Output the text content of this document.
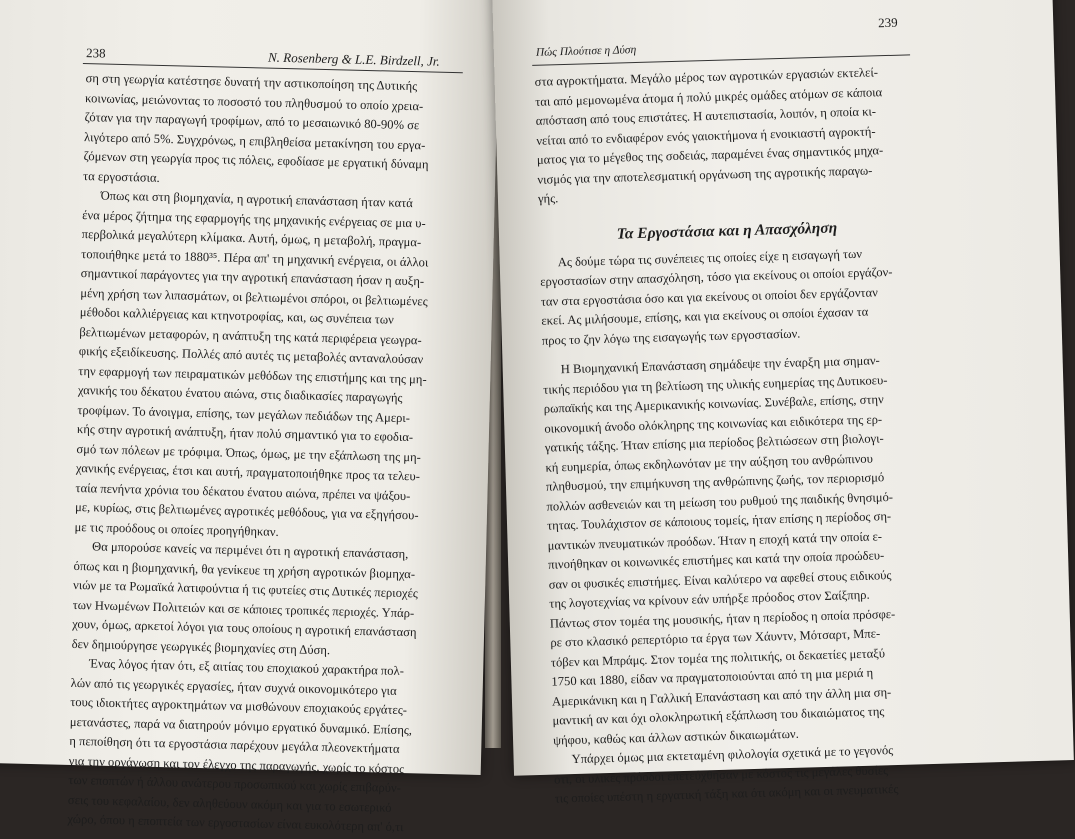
238	N. Rosenberg & L.E. Birdzell, Jr.
ση στη γεωργία κατέστησε δυνατή την αστικοποίηση της Δυτικής
κοινωνίας, μειώνοντας το ποσοστό του πληθυσμού το οποίο χρεια-
ζόταν για την παραγωγή τροφίμων, από το μεσαιωνικό 80-90% σε
λιγότερο από 5%. Συγχρόνως, η επιβληθείσα μετακίνηση του εργα-
ζόμενων στη γεωργία προς τις πόλεις, εφοδίασε με εργατική δύναμη
τα εργοστάσια.
Όπως και στη βιομηχανία, η αγροτική επανάσταση ήταν κατά
ένα μέρος ζήτημα της εφαρμογής της μηχανικής ενέργειας σε μια υ-
περβολικά μεγαλύτερη κλίμακα. Αυτή, όμως, η μεταβολή, πραγμα-
τοποιήθηκε μετά το 1880³⁵. Πέρα απ' τη μηχανική ενέργεια, οι άλλοι
σημαντικοί παράγοντες για την αγροτική επανάσταση ήσαν η αυξη-
μένη χρήση των λιπασμάτων, οι βελτιωμένοι σπόροι, οι βελτιωμένες
μέθοδοι καλλιέργειας και κτηνοτροφίας, και, ως συνέπεια των
βελτιωμένων μεταφορών, η ανάπτυξη της κατά περιφέρεια γεωγρα-
φικής εξειδίκευσης. Πολλές από αυτές τις μεταβολές ανταναλούσαν
την εφαρμογή των πειραματικών μεθόδων της επιστήμης και της μη-
χανικής του δέκατου ένατου αιώνα, στις διαδικασίες παραγωγής
τροφίμων. Το άνοιγμα, επίσης, των μεγάλων πεδιάδων της Αμερι-
κής στην αγροτική ανάπτυξη, ήταν πολύ σημαντικό για το εφοδια-
σμό των πόλεων με τρόφιμα. Όπως, όμως, με την εξάπλωση της μη-
χανικής ενέργειας, έτσι και αυτή, πραγματοποιήθηκε προς τα τελευ-
ταία πενήντα χρόνια του δέκατου ένατου αιώνα, πρέπει να ψάξου-
με, κυρίως, στις βελτιωμένες αγροτικές μεθόδους, για να εξηγήσου-
με τις προόδους οι οποίες προηγήθηκαν.
Θα μπορούσε κανείς να περιμένει ότι η αγροτική επανάσταση,
όπως και η βιομηχανική, θα γενίκευε τη χρήση αγροτικών βιομηχα-
νιών με τα Ρωμαϊκά λατιφούντια ή τις φυτείες στις Δυτικές περιοχές
των Ηνωμένων Πολιτειών και σε κάποιες τροπικές περιοχές. Υπάρ-
χουν, όμως, αρκετοί λόγοι για τους οποίους η αγροτική επανάσταση
δεν δημιούργησε γεωργικές βιομηχανίες στη Δύση.
Ένας λόγος ήταν ότι, εξ αιτίας του εποχιακού χαρακτήρα πολ-
λών από τις γεωργικές εργασίες, ήταν συχνά οικονομικότερο για
τους ιδιοκτήτες αγροκτημάτων να μισθώνουν εποχιακούς εργάτες-
μετανάστες, παρά να διατηρούν μόνιμο εργατικό δυναμικό. Επίσης,
η πεποίθηση ότι τα εργοστάσια παρέχουν μεγάλα πλεονεκτήματα
για την οργάνωση και τον έλεγχο της παραγωγής, χωρίς το κόστος
των εποπτών ή άλλου ανώτερου προσωπικού και χωρίς επιβαρύν-
σεις του κεφαλαίου, δεν αληθεύουν ακόμη και για το εσωτερικό
χώρο, όπου η εποπτεία των εργοστασίων είναι ευκολότερη απ' ό,τι
239
Πώς Πλούτισε η Δύση
στα αγροκτήματα. Μεγάλο μέρος των αγροτικών εργασιών εκτελεί-
ται από μεμονωμένα άτομα ή πολύ μικρές ομάδες ατόμων σε κάποια
απόσταση από τους επιστάτες. Η αυτεπιστασία, λοιπόν, η οποία κι-
νείται από το ενδιαφέρον ενός γαιοκτήμονα ή ενοικιαστή αγροκτή-
ματος για το μέγεθος της σοδειάς, παραμένει ένας σημαντικός μηχα-
νισμός για την αποτελεσματική οργάνωση της αγροτικής παραγω-
γής.
Τα Εργοστάσια και η Απασχόληση
Ας δούμε τώρα τις συνέπειες τις οποίες είχε η εισαγωγή των
εργοστασίων στην απασχόληση, τόσο για εκείνους οι οποίοι εργάζον-
ταν στα εργοστάσια όσο και για εκείνους οι οποίοι δεν εργάζονταν
εκεί. Ας μιλήσουμε, επίσης, και για εκείνους οι οποίοι έχασαν τα
προς το ζην λόγω της εισαγωγής των εργοστασίων.
Η Βιομηχανική Επανάσταση σημάδεψε την έναρξη μια σημαν-
τικής περιόδου για τη βελτίωση της υλικής ευημερίας της Δυτικοευ-
ρωπαϊκής και της Αμερικανικής κοινωνίας. Συνέβαλε, επίσης, στην
οικονομική άνοδο ολόκληρης της κοινωνίας και ειδικότερα της ερ-
γατικής τάξης. Ήταν επίσης μια περίοδος βελτιώσεων στη βιολογι-
κή ευημερία, όπως εκδηλωνόταν με την αύξηση του ανθρώπινου
πληθυσμού, την επιμήκυνση της ανθρώπινης ζωής, τον περιορισμό
πολλών ασθενειών και τη μείωση του ρυθμού της παιδικής θνησιμό-
τητας. Τουλάχιστον σε κάποιους τομείς, ήταν επίσης η περίοδος ση-
μαντικών πνευματικών προόδων. Ήταν η εποχή κατά την οποία ε-
πινοήθηκαν οι κοινωνικές επιστήμες και κατά την οποία προώδευ-
σαν οι φυσικές επιστήμες. Είναι καλύτερο να αφεθεί στους ειδικούς
της λογοτεχνίας να κρίνουν εάν υπήρξε πρόοδος στον Σαίξπηρ.
Πάντως στον τομέα της μουσικής, ήταν η περίοδος η οποία πρόσφε-
ρε στο κλασικό ρεπερτόριο τα έργα των Χάυντν, Μότσαρτ, Μπε-
τόβεν και Μπράμς. Στον τομέα της πολιτικής, οι δεκαετίες μεταξύ
1750 και 1880, είδαν να πραγματοποιούνται από τη μια μεριά η
Αμερικάνικη και η Γαλλική Επανάσταση και από την άλλη μια ση-
μαντική αν και όχι ολοκληρωτική εξάπλωση του δικαιώματος της
ψήφου, καθώς και άλλων αστικών δικαιωμάτων.
Υπάρχει όμως μια εκτεταμένη φιλολογία σχετικά με το γεγονός
ότι, οι υλικές πρόοδοι επετεύχθησαν με κόστος τις μεγάλες θυσίες
τις οποίες υπέστη η εργατική τάξη και ότι ακόμη και οι πνευματικές
